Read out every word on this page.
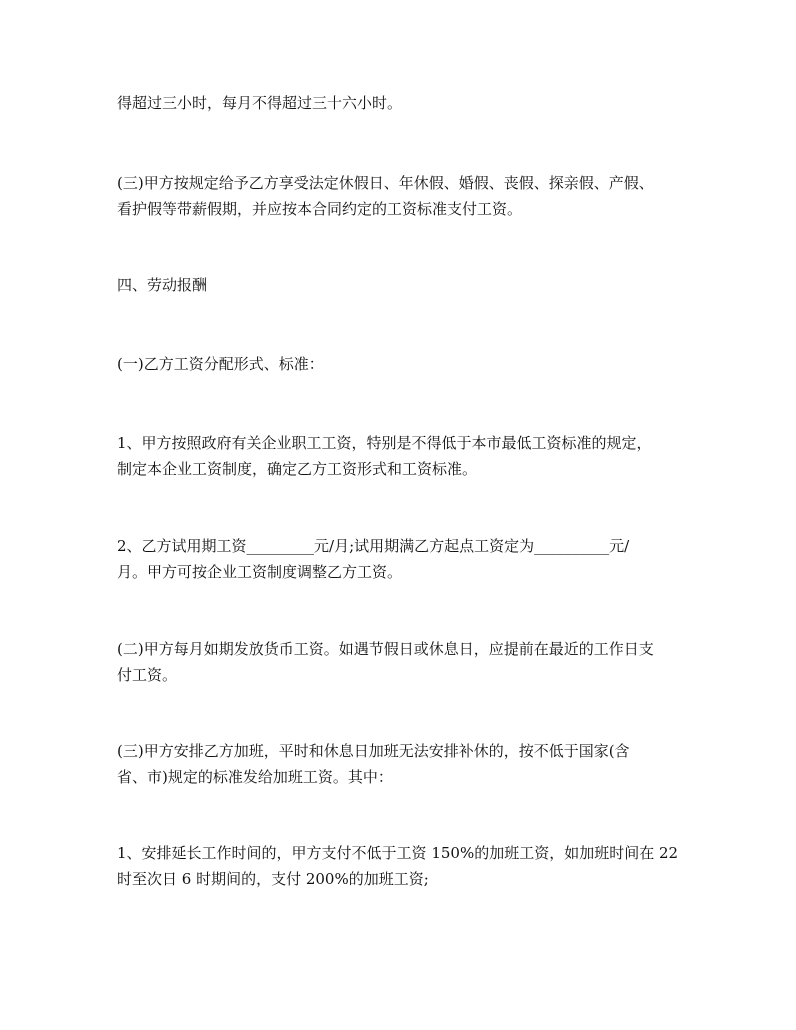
得超过三小时，每月不得超过三十六小时。

(三)甲方按规定给予乙方享受法定休假日、年休假、婚假、丧假、探亲假、产假、
看护假等带薪假期，并应按本合同约定的工资标准支付工资。

四、劳动报酬

(一)乙方工资分配形式、标准：

1、甲方按照政府有关企业职工工资，特别是不得低于本市最低工资标准的规定，
制定本企业工资制度，确定乙方工资形式和工资标准。

2、乙方试用期工资_________元/月;试用期满乙方起点工资定为__________元/
月。甲方可按企业工资制度调整乙方工资。

(二)甲方每月如期发放货币工资。如遇节假日或休息日，应提前在最近的工作日支
付工资。

(三)甲方安排乙方加班，平时和休息日加班无法安排补休的，按不低于国家(含
省、市)规定的标准发给加班工资。其中：

1、安排延长工作时间的，甲方支付不低于工资 150%的加班工资，如加班时间在 22
时至次日 6 时期间的，支付 200%的加班工资;
